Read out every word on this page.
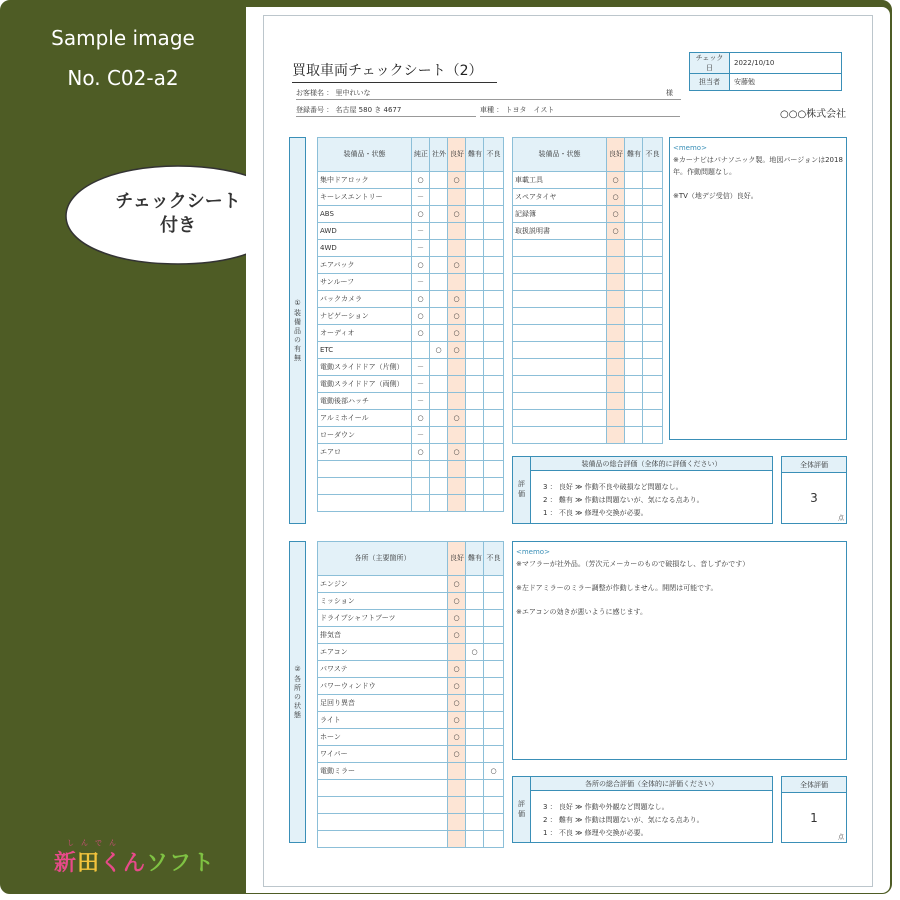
Sample image
No. C02-a2
チェックシート
付き
しんでん
新田くんソフト
買取車両チェックシート（2）
チェック日	2022/10/10
担当者	安藤勉
お客様名 ： 里中れいな	様
登録番号 ： 名古屋 580 き 4677	車種 ： トヨタ　イスト	○○○株式会社
①装備品の有無
装備品・状態	純正	社外	良好	難有	不良
集中ドアロック	○		○		
キーレスエントリー	－				
ABS	○		○		
AWD	－				
4WD	－				
エアバック	○		○		
サンルーフ	－				
バックカメラ	○		○		
ナビゲーション	○		○		
オーディオ	○		○		
ETC		○	○		
電動スライドドア（片側）	－				
電動スライドドア（両側）	－				
電動後部ハッチ	－				
アルミホイール	○		○		
ローダウン	－				
エアロ	○		○		

装備品・状態	良好	難有	不良
車載工具	○		
スペアタイヤ	○		
記録簿	○		
取扱説明書	○		

<memo>

※カーナビはパナソニック製。地図バージョンは2018年。作動問題なし。

※TV（地デジ受信）良好。

装備品の総合評価（全体的に評価ください）
評価	3 ： 良好 ≫ 作動不良や破損など問題なし。
2 ： 難有 ≫ 作動は問題ないが、気になる点あり。
1 ： 不良 ≫ 修理や交換が必要。
全体評価
3
点
②各所の状態
各所（主要箇所）	良好	難有	不良
エンジン	○		
ミッション	○		
ドライブシャフトブーツ	○		
排気音	○		
エアコン		○	
パワステ	○		
パワーウィンドウ	○		
足回り異音	○		
ライト	○		
ホーン	○		
ワイパー	○		
電動ミラー			○

<memo>

※マフラーが社外品。（芳次元メーカーのもので破損なし、音しずかです）

※左ドアミラーのミラー調整が作動しません。開閉は可能です。

※エアコンの効きが悪いように感じます。

各所の総合評価（全体的に評価ください）
評価	3 ： 良好 ≫ 作動や外観など問題なし。
2 ： 難有 ≫ 作動は問題ないが、気になる点あり。
1 ： 不良 ≫ 修理や交換が必要。
全体評価
1
点
